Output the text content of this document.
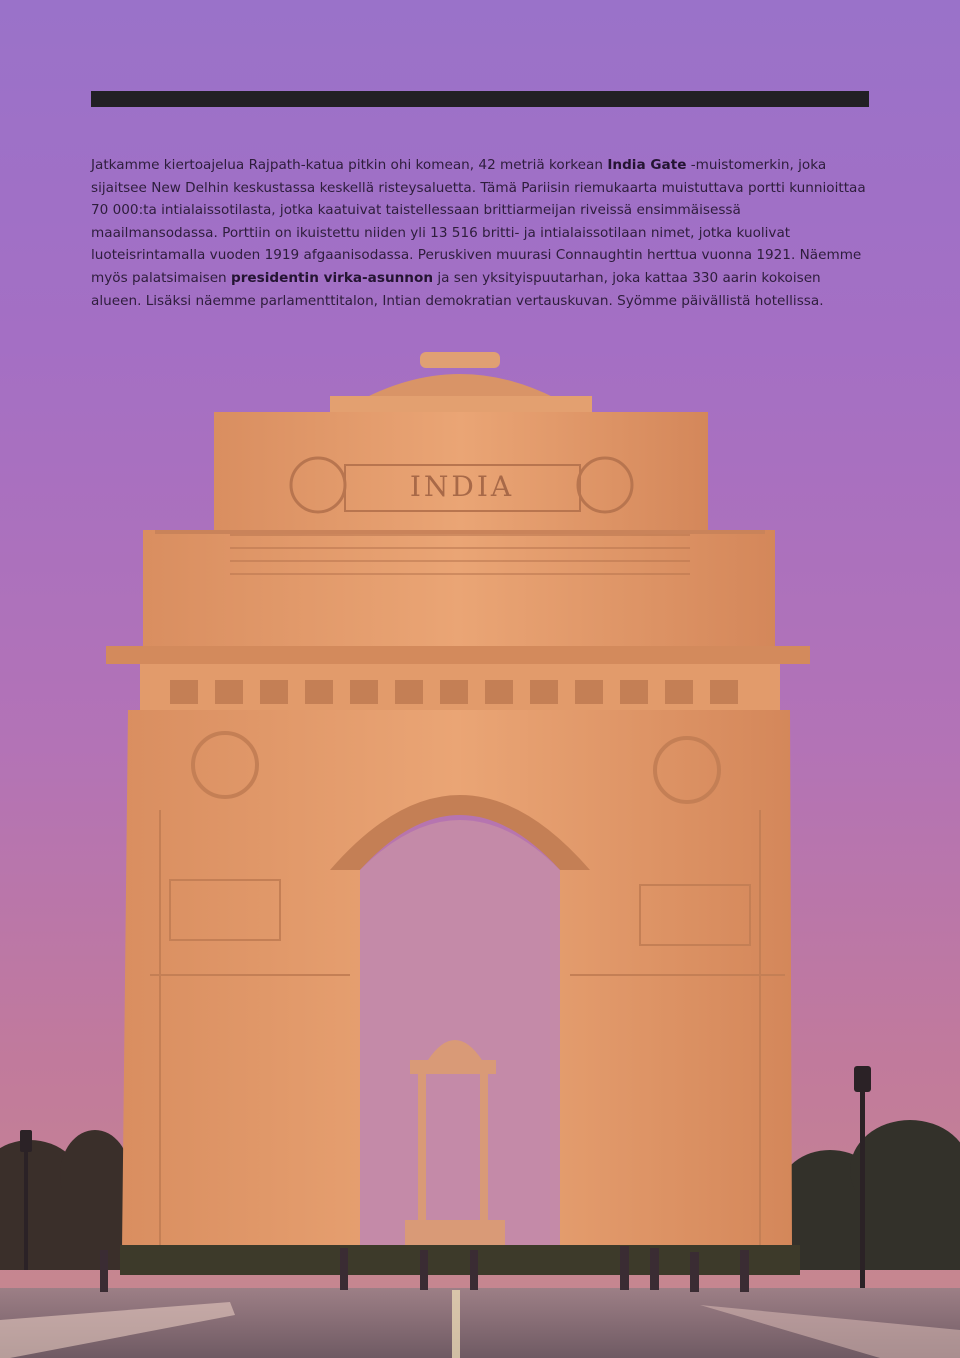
Jatkamme kiertoajelua Rajpath-katua pitkin ohi komean, 42 metriä korkean India Gate -muistomerkin, joka sijaitsee New Delhin keskustassa keskellä risteysaluetta. Tämä Pariisin riemukaarta muistuttava portti kunnioittaa 70 000:ta intialaissotilasta, jotka kaatuivat taistellessaan brittiarmeijan riveissä ensimmäisessä maailmansodassa. Porttiin on ikuistettu niiden yli 13 516 britti- ja intialaissotilaan nimet, jotka kuolivat luoteisrintamalla vuoden 1919 afgaanisodassa. Peruskiven muurasi Connaughtin herttua vuonna 1921. Näemme myös palatsimaisen presidentin virka-asunnon ja sen yksityispuutarhan, joka kattaa 330 aarin kokoisen alueen. Lisäksi näemme parlamenttitalon, Intian demokratian vertauskuvan. Syömme päivällistä hotellissa.

INDIA
